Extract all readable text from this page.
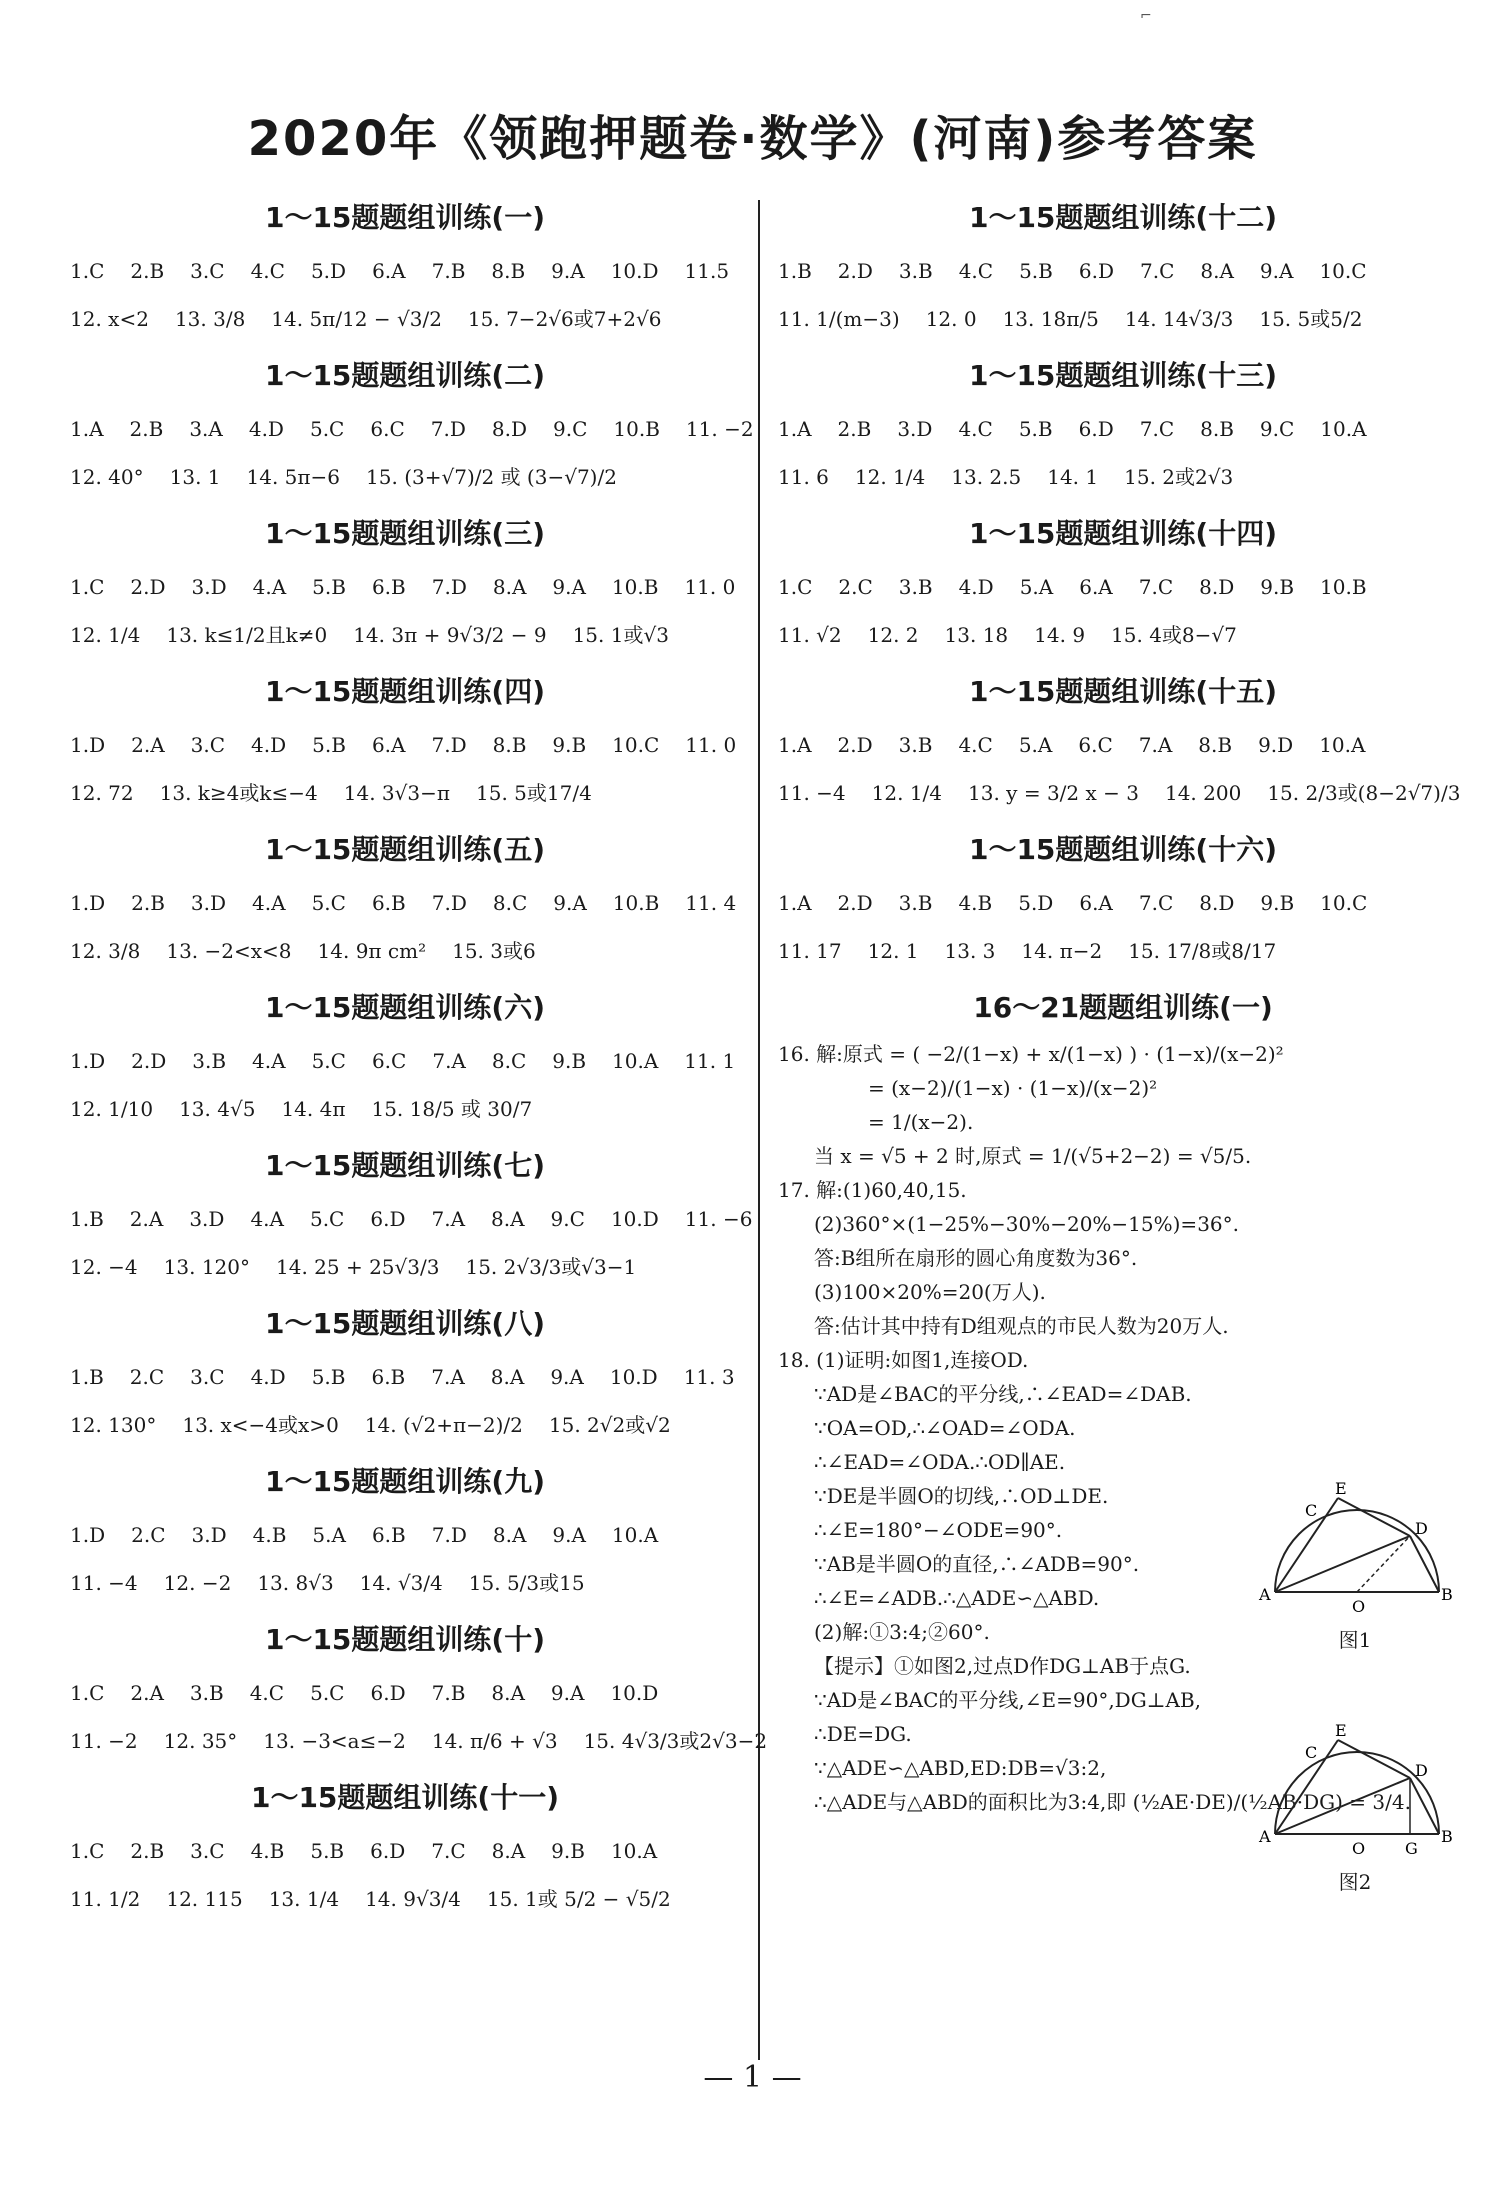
⌐
2020年《领跑押题卷·数学》(河南)参考答案
1～15题题组训练(一)
1.C 2.B 3.C 4.C 5.D 6.A 7.B 8.B 9.A 10.D 11.5
12. x<2 13. 3/8 14. 5π/12 − √3/2 15. 7−2√6或7+2√6
1～15题题组训练(二)
1.A 2.B 3.A 4.D 5.C 6.C 7.D 8.D 9.C 10.B 11. −2
12. 40° 13. 1 14. 5π−6 15. (3+√7)/2 或 (3−√7)/2
1～15题题组训练(三)
1.C 2.D 3.D 4.A 5.B 6.B 7.D 8.A 9.A 10.B 11. 0
12. 1/4 13. k≤1/2且k≠0 14. 3π + 9√3/2 − 9 15. 1或√3
1～15题题组训练(四)
1.D 2.A 3.C 4.D 5.B 6.A 7.D 8.B 9.B 10.C 11. 0
12. 72 13. k≥4或k≤−4 14. 3√3−π 15. 5或17/4
1～15题题组训练(五)
1.D 2.B 3.D 4.A 5.C 6.B 7.D 8.C 9.A 10.B 11. 4
12. 3/8 13. −2<x<8 14. 9π cm² 15. 3或6
1～15题题组训练(六)
1.D 2.D 3.B 4.A 5.C 6.C 7.A 8.C 9.B 10.A 11. 1
12. 1/10 13. 4√5 14. 4π 15. 18/5 或 30/7
1～15题题组训练(七)
1.B 2.A 3.D 4.A 5.C 6.D 7.A 8.A 9.C 10.D 11. −6
12. −4 13. 120° 14. 25 + 25√3/3 15. 2√3/3或√3−1
1～15题题组训练(八)
1.B 2.C 3.C 4.D 5.B 6.B 7.A 8.A 9.A 10.D 11. 3
12. 130° 13. x<−4或x>0 14. (√2+π−2)/2 15. 2√2或√2
1～15题题组训练(九)
1.D 2.C 3.D 4.B 5.A 6.B 7.D 8.A 9.A 10.A
11. −4 12. −2 13. 8√3 14. √3/4 15. 5/3或15
1～15题题组训练(十)
1.C 2.A 3.B 4.C 5.C 6.D 7.B 8.A 9.A 10.D
11. −2 12. 35° 13. −3<a≤−2 14. π/6 + √3 15. 4√3/3或2√3−2
1～15题题组训练(十一)
1.C 2.B 3.C 4.B 5.B 6.D 7.C 8.A 9.B 10.A
11. 1/2 12. 115 13. 1/4 14. 9√3/4 15. 1或 5/2 − √5/2
1～15题题组训练(十二)
1.B 2.D 3.B 4.C 5.B 6.D 7.C 8.A 9.A 10.C
11. 1/(m−3) 12. 0 13. 18π/5 14. 14√3/3 15. 5或5/2
1～15题题组训练(十三)
1.A 2.B 3.D 4.C 5.B 6.D 7.C 8.B 9.C 10.A
11. 6 12. 1/4 13. 2.5 14. 1 15. 2或2√3
1～15题题组训练(十四)
1.C 2.C 3.B 4.D 5.A 6.A 7.C 8.D 9.B 10.B
11. √2 12. 2 13. 18 14. 9 15. 4或8−√7
1～15题题组训练(十五)
1.A 2.D 3.B 4.C 5.A 6.C 7.A 8.B 9.D 10.A
11. −4 12. 1/4 13. y = 3/2 x − 3 14. 200 15. 2/3或(8−2√7)/3
1～15题题组训练(十六)
1.A 2.D 3.B 4.B 5.D 6.A 7.C 8.D 9.B 10.C
11. 17 12. 1 13. 3 14. π−2 15. 17/8或8/17
16～21题题组训练(一)
16. 解:原式 = ( −2/(1−x) + x/(1−x) ) · (1−x)/(x−2)²
= (x−2)/(1−x) · (1−x)/(x−2)²
= 1/(x−2).
当 x = √5 + 2 时,原式 = 1/(√5+2−2) = √5/5.
17. 解:(1)60,40,15.
(2)360°×(1−25%−30%−20%−15%)=36°.
答:B组所在扇形的圆心角度数为36°.
(3)100×20%=20(万人).
答:估计其中持有D组观点的市民人数为20万人.
18. (1)证明:如图1,连接OD.
∵AD是∠BAC的平分线,∴∠EAD=∠DAB.
∵OA=OD,∴∠OAD=∠ODA.
∴∠EAD=∠ODA.∴OD∥AE.
∵DE是半圆O的切线,∴OD⊥DE.
∴∠E=180°−∠ODE=90°.
∵AB是半圆O的直径,∴∠ADB=90°.
∴∠E=∠ADB.∴△ADE∽△ABD.
(2)解:①3:4;②60°.
【提示】①如图2,过点D作DG⊥AB于点G.
∵AD是∠BAC的平分线,∠E=90°,DG⊥AB,
∴DE=DG.
∵△ADE∽△ABD,ED:DB=√3:2,
∴△ADE与△ABD的面积比为3:4,即 (½AE·DE)/(½AB·DG) = 3/4.
E
C
D
A
O
B
图1
E
C
D
A
O G
B
图2
— 1 —
